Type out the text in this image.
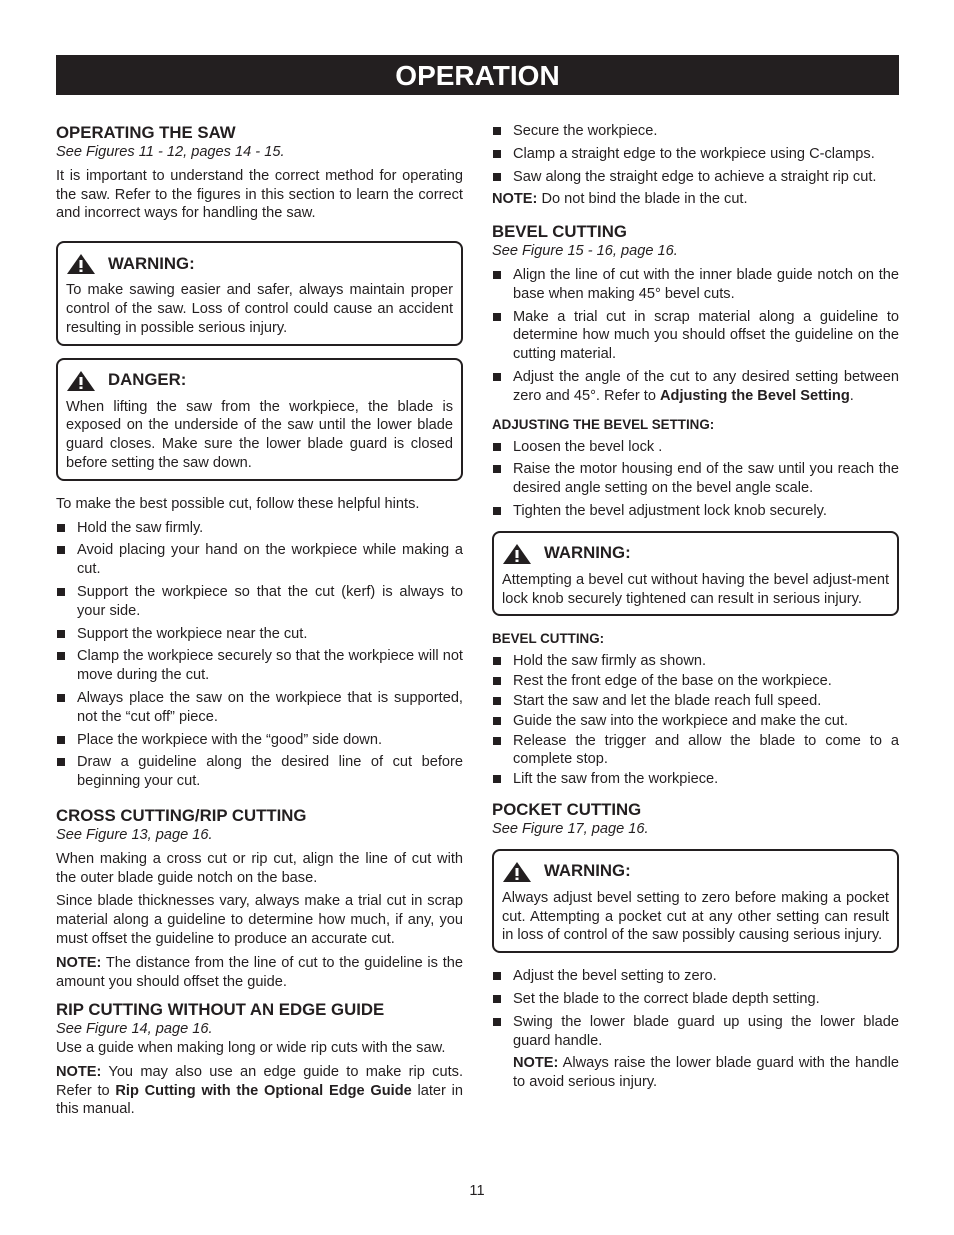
OPERATION
OPERATING THE SAW
See Figures 11 - 12, pages 14 - 15.

It is important to understand the correct method for operating the saw. Refer to the figures in this section to learn the correct and incorrect ways for handling the saw.

WARNING:

To make sawing easier and safer, always maintain proper control of the saw. Loss of control could cause an accident resulting in possible serious injury.

DANGER:

When lifting the saw from the workpiece, the blade is exposed on the underside of the saw until the lower blade guard closes. Make sure the lower blade guard is closed before setting the saw down.

To make the best possible cut, follow these helpful hints.

Hold the saw firmly.
Avoid placing your hand on the workpiece while making a cut.
Support the workpiece so that the cut (kerf) is always to your side.
Support the workpiece near the cut.
Clamp the workpiece securely so that the workpiece will not move during the cut.
Always place the saw on the workpiece that is supported, not the “cut off” piece.
Place the workpiece with the “good” side down.
Draw a guideline along the desired line of cut before beginning your cut.
CROSS CUTTING/RIP CUTTING
See Figure 13, page 16.

When making a cross cut or rip cut, align the line of cut with the outer blade guide notch on the base.

Since blade thicknesses vary, always make a trial cut in scrap material along a guideline to determine how much, if any, you must offset the guideline to produce an accurate cut.

NOTE: The distance from the line of cut to the guideline is the amount you should offset the guide.

RIP CUTTING WITHOUT AN EDGE GUIDE
See Figure 14, page 16.

Use a guide when making long or wide rip cuts with the saw.

NOTE: You may also use an edge guide to make rip cuts. Refer to Rip Cutting with the Optional Edge Guide later in this manual.

Secure the workpiece.
Clamp a straight edge to the workpiece using C-clamps.
Saw along the straight edge to achieve a straight rip cut.

NOTE: Do not bind the blade in the cut.

BEVEL CUTTING
See Figure 15 - 16, page 16.
Align the line of cut with the inner blade guide notch on the base when making 45° bevel cuts.
Make a trial cut in scrap material along a guideline to determine how much you should offset the guideline on the cutting material.
Adjust the angle of the cut to any desired setting between zero and 45°. Refer to Adjusting the Bevel Setting.
ADJUSTING THE BEVEL SETTING:
Loosen the bevel lock .
Raise the motor housing end of the saw until you reach the desired angle setting on the bevel angle scale.
Tighten the bevel adjustment lock knob securely.
WARNING:

Attempting a bevel cut without having the bevel adjust-ment lock knob securely tightened can result in serious injury.

BEVEL CUTTING:
Hold the saw firmly as shown.
Rest the front edge of the base on the workpiece.
Start the saw and let the blade reach full speed.
Guide the saw into the workpiece and make the cut.
Release the trigger and allow the blade to come to a complete stop.
Lift the saw from the workpiece.
POCKET CUTTING
See Figure 17, page 16.
WARNING:

Always adjust bevel setting to zero before making a pocket cut. Attempting a pocket cut at any other setting can result in loss of control of the saw possibly causing serious injury.

Adjust the bevel setting to zero.
Set the blade to the correct blade depth setting.
Swing the lower blade guard up using the lower blade guard handle.

NOTE: Always raise the lower blade guard with the handle to avoid serious injury.

11
